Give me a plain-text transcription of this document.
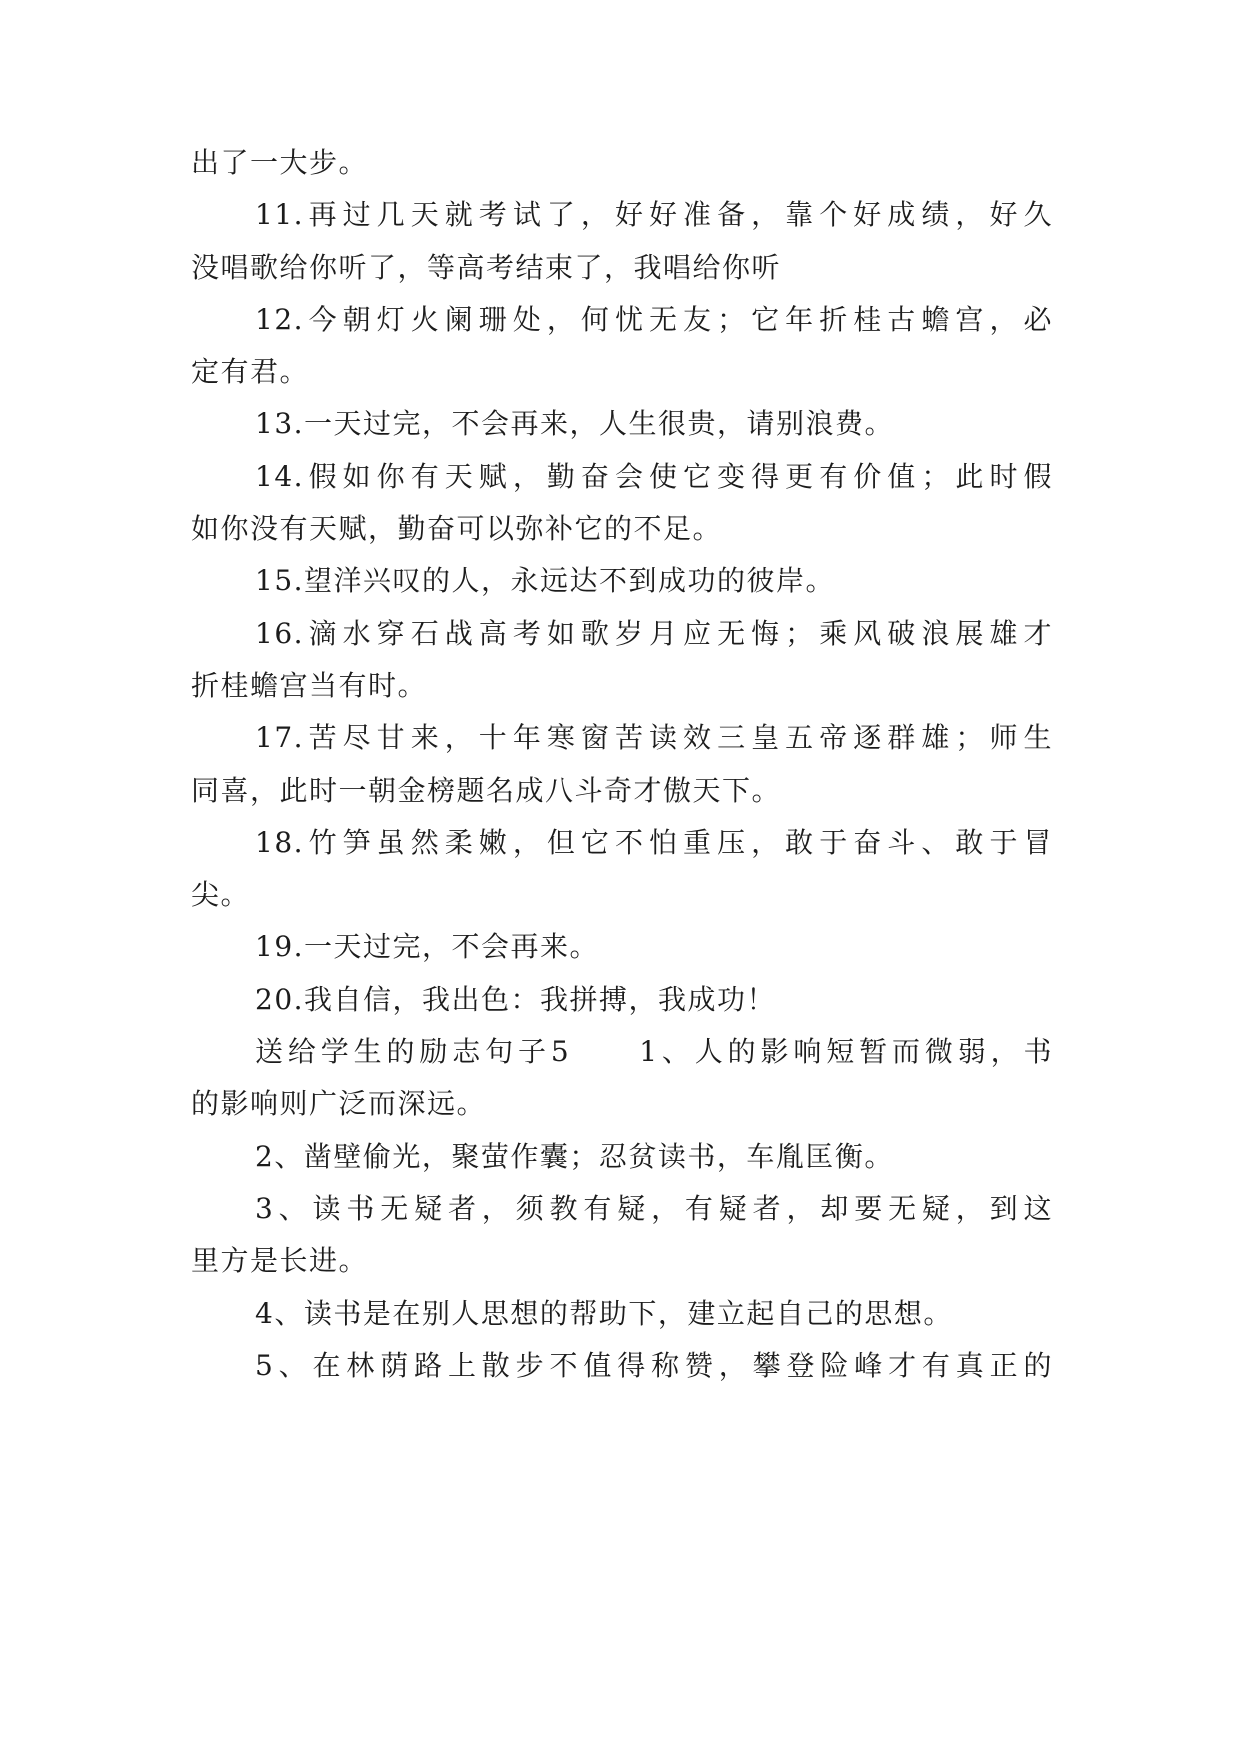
出了一大步。
11.再过几天就考试了，好好准备，靠个好成绩，好久
没唱歌给你听了，等高考结束了，我唱给你听
12.今朝灯火阑珊处，何忧无友；它年折桂古蟾宫，必
定有君。
13.一天过完，不会再来，人生很贵，请别浪费。
14.假如你有天赋，勤奋会使它变得更有价值；此时假
如你没有天赋，勤奋可以弥补它的不足。
15.望洋兴叹的人，永远达不到成功的彼岸。
16.滴水穿石战高考如歌岁月应无悔；乘风破浪展雄才
折桂蟾宫当有时。
17.苦尽甘来，十年寒窗苦读效三皇五帝逐群雄；师生
同喜，此时一朝金榜题名成八斗奇才傲天下。
18.竹笋虽然柔嫩，但它不怕重压，敢于奋斗、敢于冒
尖。
19.一天过完，不会再来。
20.我自信，我出色：我拼搏，我成功！
送给学生的励志句子5　　1、人的影响短暂而微弱，书
的影响则广泛而深远。
2、凿壁偷光，聚萤作囊；忍贫读书，车胤匡衡。
3、读书无疑者，须教有疑，有疑者，却要无疑，到这
里方是长进。
4、读书是在别人思想的帮助下，建立起自己的思想。
5、在林荫路上散步不值得称赞，攀登险峰才有真正的
